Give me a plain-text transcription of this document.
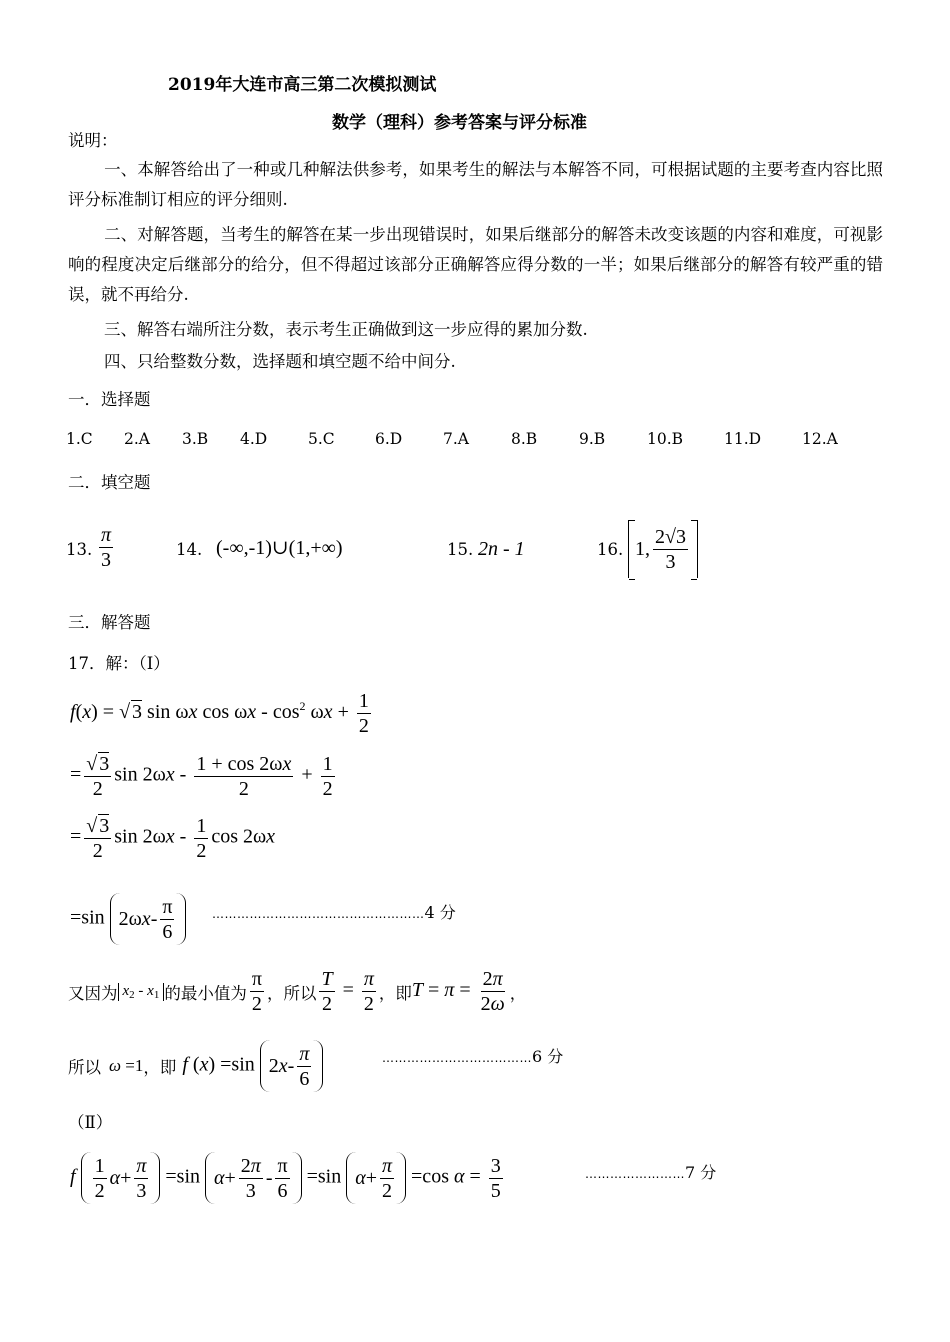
2019年大连市高三第二次模拟测试
数学（理科）参考答案与评分标准
说明：
一、本解答给出了一种或几种解法供参考，如果考生的解法与本解答不同，可根据试题的主要考查内容比照评分标准制订相应的评分细则.
二、对解答题，当考生的解答在某一步出现错误时，如果后继部分的解答未改变该题的内容和难度，可视影响的程度决定后继部分的给分，但不得超过该部分正确解答应得分数的一半；如果后继部分的解答有较严重的错误，就不再给分.
三、解答右端所注分数，表示考生正确做到这一步应得的累加分数.
四、只给整数分数，选择题和填空题不给中间分.
一．选择题
1.C 2.A 3.B 4.D	5.C	6.D	7.A	8.B	9.B	10.B	11.D	12.A
二．填空题
13. $\frac{\pi}{3}$	14. (-∞,-1)∪(1,+∞)	15. 2n - 1	16. 1, $\frac{2√3}{3}$
三．解答题
17．解：（Ⅰ）
f(x) = √ 3 sin ωx $\cos \omega x - \cos^2 \omega x + \frac{1}{2}$
= $\frac{√ 3}{2}$ $\sin 2\omega x - \frac{1 + \cos 2\omega x}{2} + \frac{1}{2}$
= $\frac{√ 3}{2}$ $\sin 2\omega x - \frac{1}{2}$ cos 2ωx
=sin 2ω x - $\frac{\pi}{6}$	……………………………………………4 分
又因为 $x_2 - x_1$ 的最小值为 $\frac{\pi}{2}$ ，所以 $\frac{T}{2} = \frac{\pi}{2}$ ，即 $T = \pi = \frac{2\pi}{2\omega}$ ，
所以 ω =1 ，即 f (x) =sin 2 x - $\frac{\pi}{6}$	………………………………6 分
（Ⅱ）
f $\frac{1}{2}$ $\alpha + \frac{\pi}{3} =\sin$ $\alpha + \frac{2\pi}{3} - \frac{\pi}{6} =\sin$ $\alpha + \frac{\pi}{2} =\cos$ $\alpha = \frac{3}{5}$	……………………7 分
